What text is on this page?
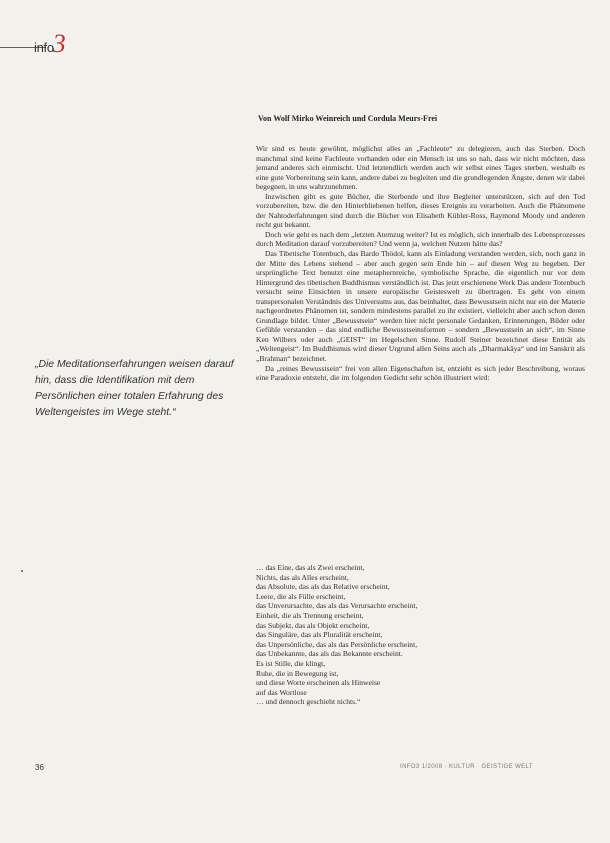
info 3
„Die Meditationserfahrungen weisen darauf hin, dass die Identifikation mit dem Persönlichen einer totalen Erfahrung des Weltengeistes im Wege steht.“
Von Wolf Mirko Weinreich und Cordula Meurs-Frei

Wir sind es heute gewöhnt, möglichst alles an „Fachleute“ zu delegieren, auch das Sterben. Doch manchmal sind keine Fachleute vorhanden oder ein Mensch ist uns so nah, dass wir nicht möchten, dass jemand anderes sich einmischt. Und letztendlich werden auch wir selbst eines Tages sterben, weshalb es eine gute Vorbereitung sein kann, andere dabei zu begleiten und die grundlegenden Ängste, denen wir dabei begegnen, in uns wahrzunehmen.

Inzwischen gibt es gute Bücher, die Sterbende und ihre Begleiter unterstützen, sich auf den Tod vorzubereiten, bzw. die den Hinterbliebenen helfen, dieses Ereignis zu verarbeiten. Auch die Phänomene der Nahtoderfahrungen sind durch die Bücher von Elisabeth Kübler-Ross, Raymond Moody und anderen recht gut bekannt.

Doch wie geht es nach dem „letzten Atemzug weiter? Ist es möglich, sich innerhalb des Lebensprozesses durch Meditation darauf vorzubereiten? Und wenn ja, welchen Nutzen hätte das?

Das Tibetische Totenbuch, das Bardo Thödol, kann als Einladung verstanden werden, sich, noch ganz in der Mitte des Lebens stehend – aber auch gegen sein Ende hin – auf diesen Weg zu begeben. Der ursprüngliche Text benutzt eine metaphernreiche, symbolische Sprache, die eigentlich nur vor dem Hintergrund des tibetischen Buddhismus verständlich ist. Das jetzt erschienene Werk Das andere Totenbuch versucht seine Einsichten in unsere europäische Geisteswelt zu übertragen. Es geht von einem transpersonalen Verständnis des Universums aus, das beinhaltet, dass Bewusstsein nicht nur ein der Materie nachgeordnetes Phänomen ist, sondern mindestens parallel zu ihr existiert, vielleicht aber auch schon deren Grundlage bildet. Unter „Bewusstsein“ werden hier nicht personale Gedanken, Erinnerungen, Bilder oder Gefühle verstanden – das sind endliche Bewusstseinsformen – sondern „Bewusstsein an sich“, im Sinne Ken Wilbers oder auch „GEIST“ im Hegelschen Sinne. Rudolf Steiner bezeichnet diese Entität als „Weltengeist“. Im Buddhismus wird dieser Urgrund allen Seins auch als „Dharmakâya“ und im Sanskrit als „Brahman“ bezeichnet.

Da „reines Bewusstsein“ frei von allen Eigenschaften ist, entzieht es sich jeder Beschreibung, woraus eine Paradoxie entsteht, die im folgenden Gedicht sehr schön illustriert wird:

… das Eine, das als Zwei erscheint,
Nichts, das als Alles erscheint,
das Absolute, das als das Relative erscheint,
Leere, die als Fülle erscheint,
das Unverursachte, das als das Verursachte erscheint,
Einheit, die als Trennung erscheint,
das Subjekt, das als Objekt erscheint,
das Singuläre, das als Pluralität erscheint,
das Unpersönliche, das als das Persönliche erscheint,
das Unbekannte, das als das Bekannte erscheint.
Es ist Stille, die klingt,
Ruhe, die in Bewegung ist,
und diese Worte erscheinen als Hinweise
auf das Wortlose
… und dennoch geschieht nichts.“
36	INFO3 1/2008 · KULTUR · GEISTIGE WELT
